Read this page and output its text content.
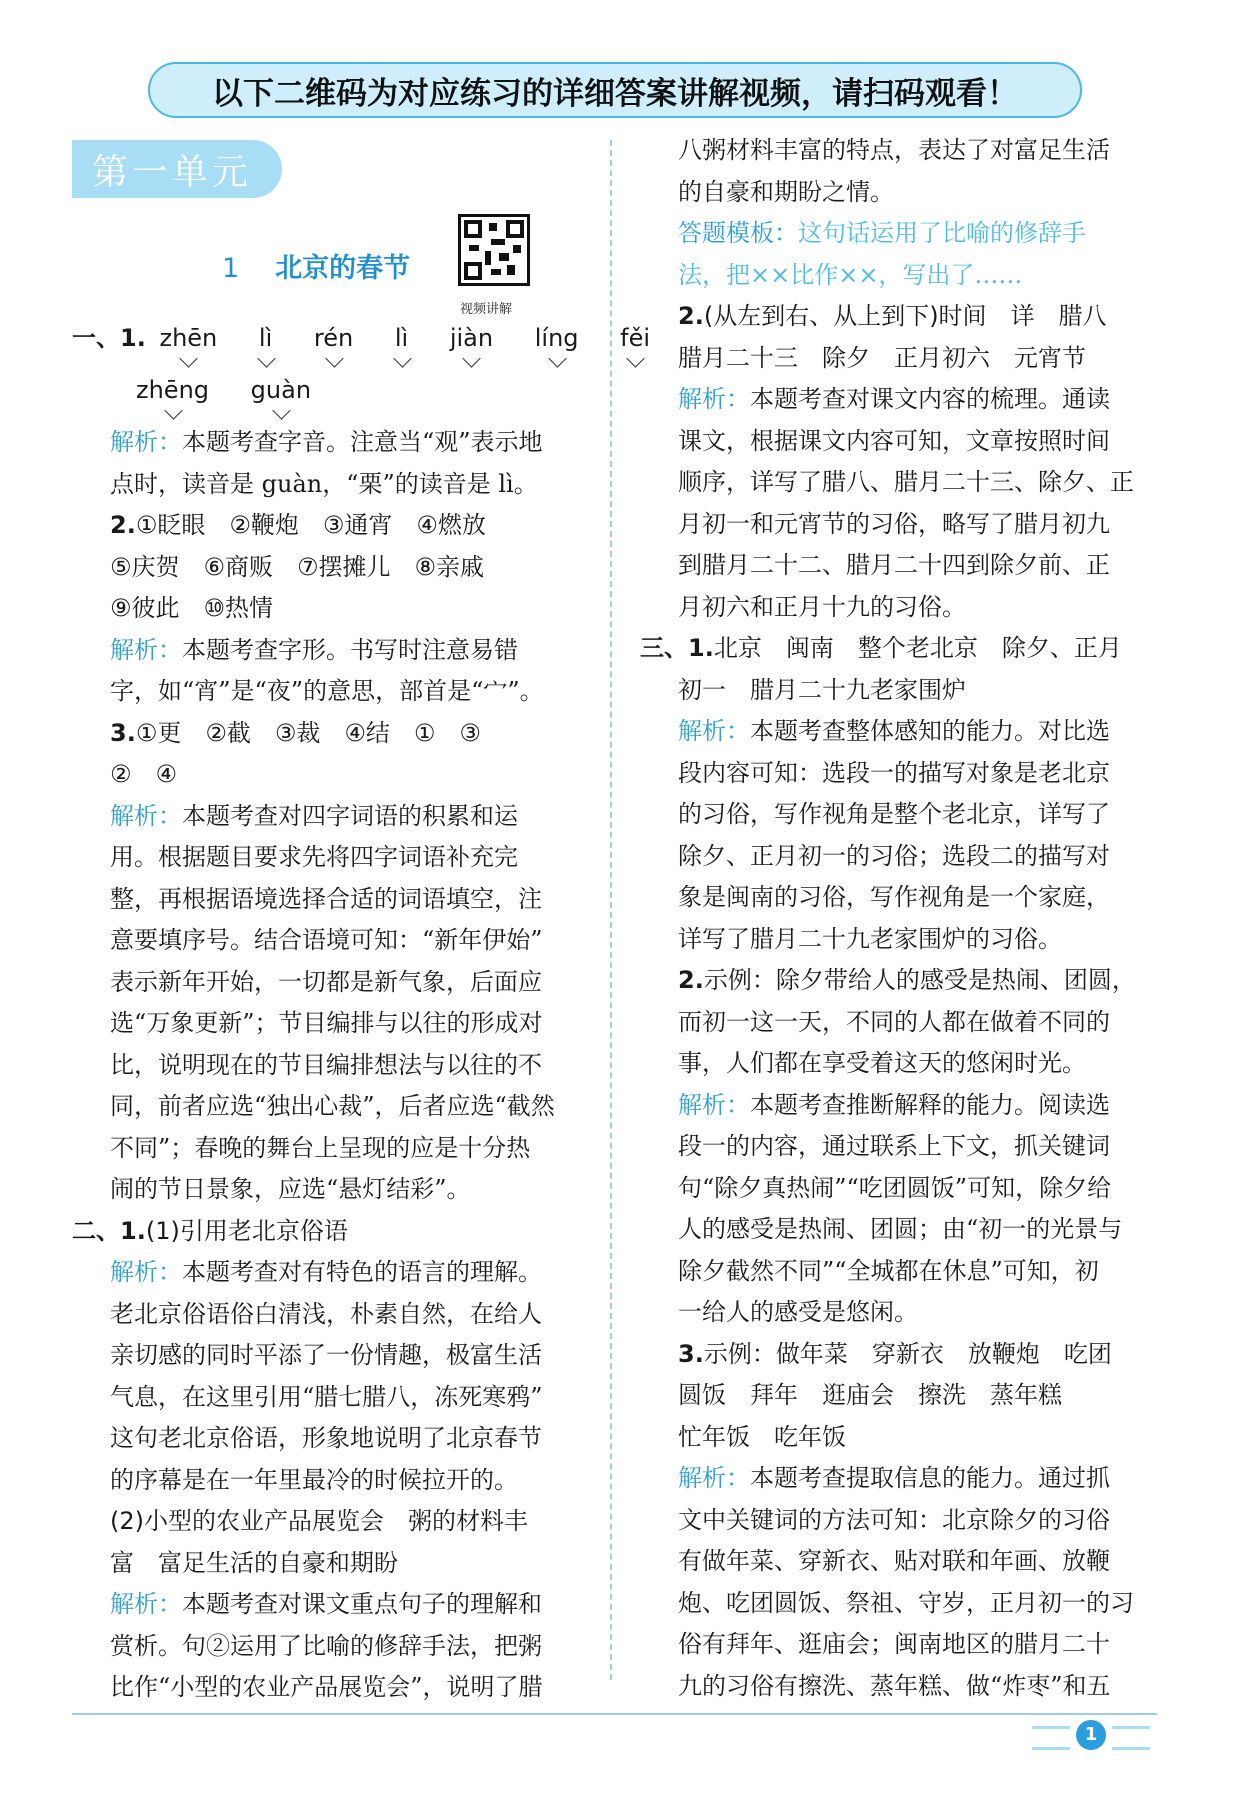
以下二维码为对应练习的详细答案讲解视频，请扫码观看！
第一单元
1 北京的春节
视频讲解
一、1. zhēn lì rén lì jiàn líng fěi
zhēng guàn
解析：本题考查字音。注意当“观”表示地
点时，读音是 guàn，“栗”的读音是 lì。
2.①眨眼　②鞭炮　③通宵　④燃放
⑤庆贺　⑥商贩　⑦摆摊儿　⑧亲戚
⑨彼此　⑩热情
解析：本题考查字形。书写时注意易错
字，如“宵”是“夜”的意思，部首是“宀”。
3.①更　②截　③裁　④结　①　③
②　④
解析：本题考查对四字词语的积累和运
用。根据题目要求先将四字词语补充完
整，再根据语境选择合适的词语填空，注
意要填序号。结合语境可知：“新年伊始”
表示新年开始，一切都是新气象，后面应
选“万象更新”；节目编排与以往的形成对
比，说明现在的节目编排想法与以往的不
同，前者应选“独出心裁”，后者应选“截然
不同”；春晚的舞台上呈现的应是十分热
闹的节日景象，应选“悬灯结彩”。
二、1.(1)引用老北京俗语
解析：本题考查对有特色的语言的理解。
老北京俗语俗白清浅，朴素自然，在给人
亲切感的同时平添了一份情趣，极富生活
气息，在这里引用“腊七腊八，冻死寒鸦”
这句老北京俗语，形象地说明了北京春节
的序幕是在一年里最冷的时候拉开的。
(2)小型的农业产品展览会　粥的材料丰
富　富足生活的自豪和期盼
解析：本题考查对课文重点句子的理解和
赏析。句②运用了比喻的修辞手法，把粥
比作“小型的农业产品展览会”，说明了腊
八粥材料丰富的特点，表达了对富足生活
的自豪和期盼之情。
答题模板：这句话运用了比喻的修辞手
法，把××比作××，写出了……
2.(从左到右、从上到下)时间　详　腊八
腊月二十三　除夕　正月初六　元宵节
解析：本题考查对课文内容的梳理。通读
课文，根据课文内容可知，文章按照时间
顺序，详写了腊八、腊月二十三、除夕、正
月初一和元宵节的习俗，略写了腊月初九
到腊月二十二、腊月二十四到除夕前、正
月初六和正月十九的习俗。
三、1.北京　闽南　整个老北京　除夕、正月
初一　腊月二十九老家围炉
解析：本题考查整体感知的能力。对比选
段内容可知：选段一的描写对象是老北京
的习俗，写作视角是整个老北京，详写了
除夕、正月初一的习俗；选段二的描写对
象是闽南的习俗，写作视角是一个家庭，
详写了腊月二十九老家围炉的习俗。
2.示例：除夕带给人的感受是热闹、团圆，
而初一这一天，不同的人都在做着不同的
事，人们都在享受着这天的悠闲时光。
解析：本题考查推断解释的能力。阅读选
段一的内容，通过联系上下文，抓关键词
句“除夕真热闹”“吃团圆饭”可知，除夕给
人的感受是热闹、团圆；由“初一的光景与
除夕截然不同”“全城都在休息”可知，初
一给人的感受是悠闲。
3.示例：做年菜　穿新衣　放鞭炮　吃团
圆饭　拜年　逛庙会　擦洗　蒸年糕
忙年饭　吃年饭
解析：本题考查提取信息的能力。通过抓
文中关键词的方法可知：北京除夕的习俗
有做年菜、穿新衣、贴对联和年画、放鞭
炮、吃团圆饭、祭祖、守岁，正月初一的习
俗有拜年、逛庙会；闽南地区的腊月二十
九的习俗有擦洗、蒸年糕、做“炸枣”和五
1
